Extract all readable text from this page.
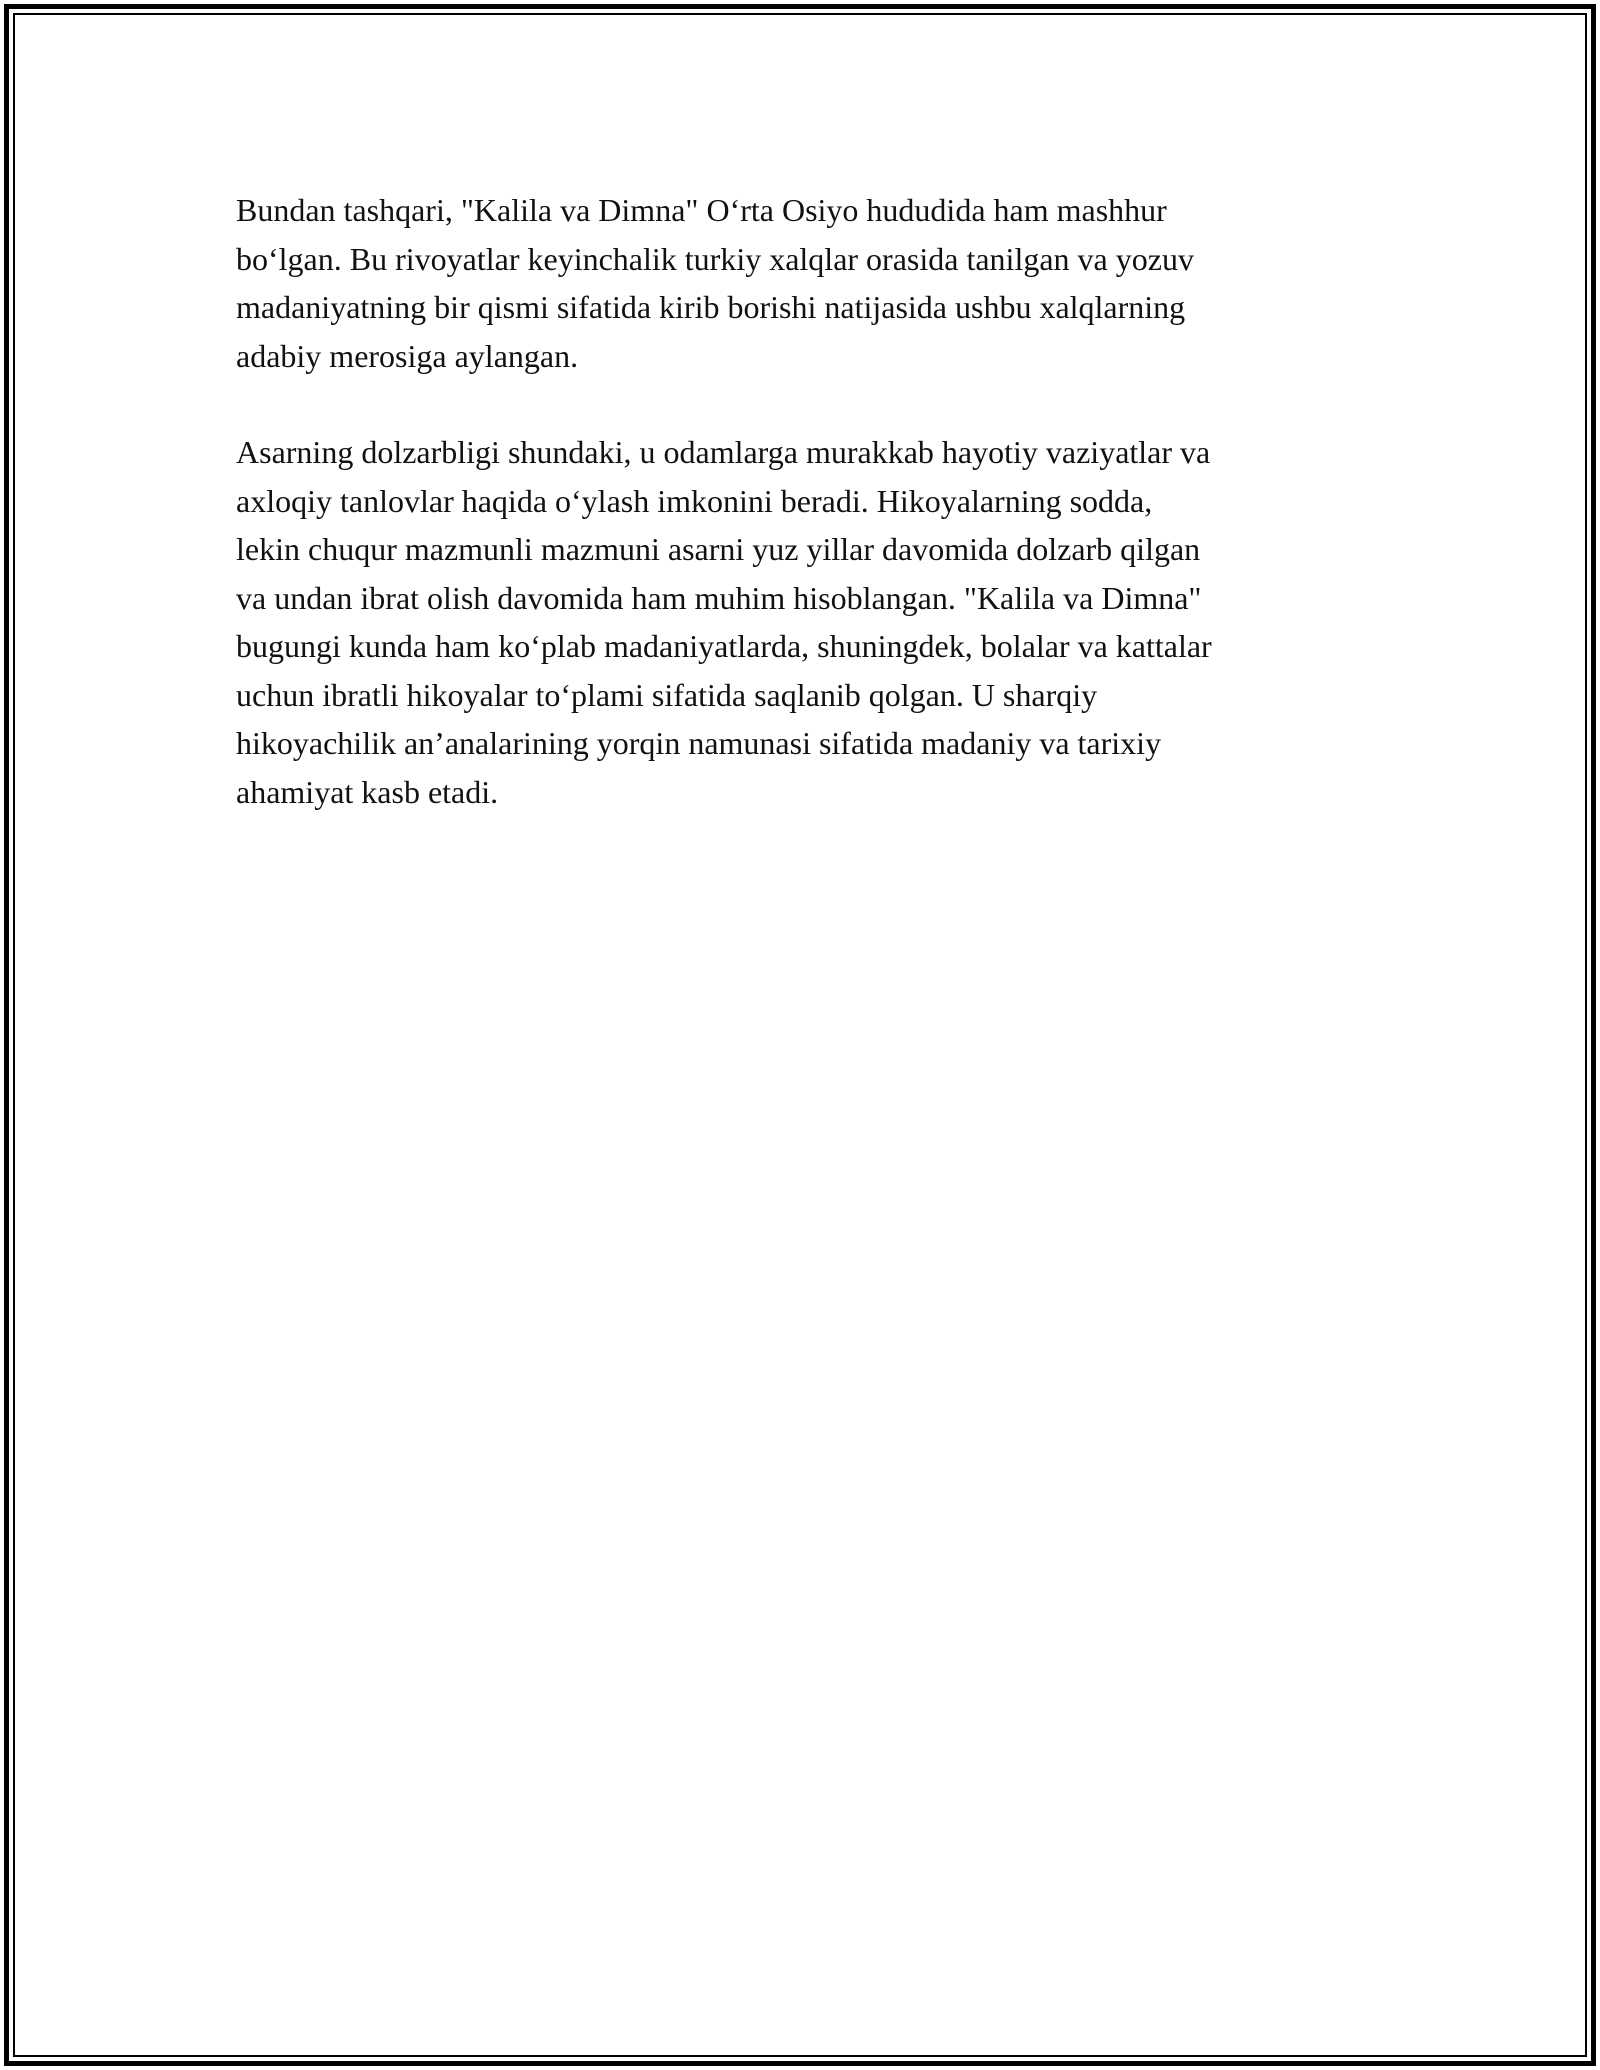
Bundan tashqari, "Kalila va Dimna" O‘rta Osiyo hududida ham mashhur
bo‘lgan. Bu rivoyatlar keyinchalik turkiy xalqlar orasida tanilgan va yozuv
madaniyatning bir qismi sifatida kirib borishi natijasida ushbu xalqlarning
adabiy merosiga aylangan.

Asarning dolzarbligi shundaki, u odamlarga murakkab hayotiy vaziyatlar va
axloqiy tanlovlar haqida o‘ylash imkonini beradi. Hikoyalarning sodda,
lekin chuqur mazmunli mazmuni asarni yuz yillar davomida dolzarb qilgan
va undan ibrat olish davomida ham muhim hisoblangan. "Kalila va Dimna"
bugungi kunda ham ko‘plab madaniyatlarda, shuningdek, bolalar va kattalar
uchun ibratli hikoyalar to‘plami sifatida saqlanib qolgan. U sharqiy
hikoyachilik an’analarining yorqin namunasi sifatida madaniy va tarixiy
ahamiyat kasb etadi.
